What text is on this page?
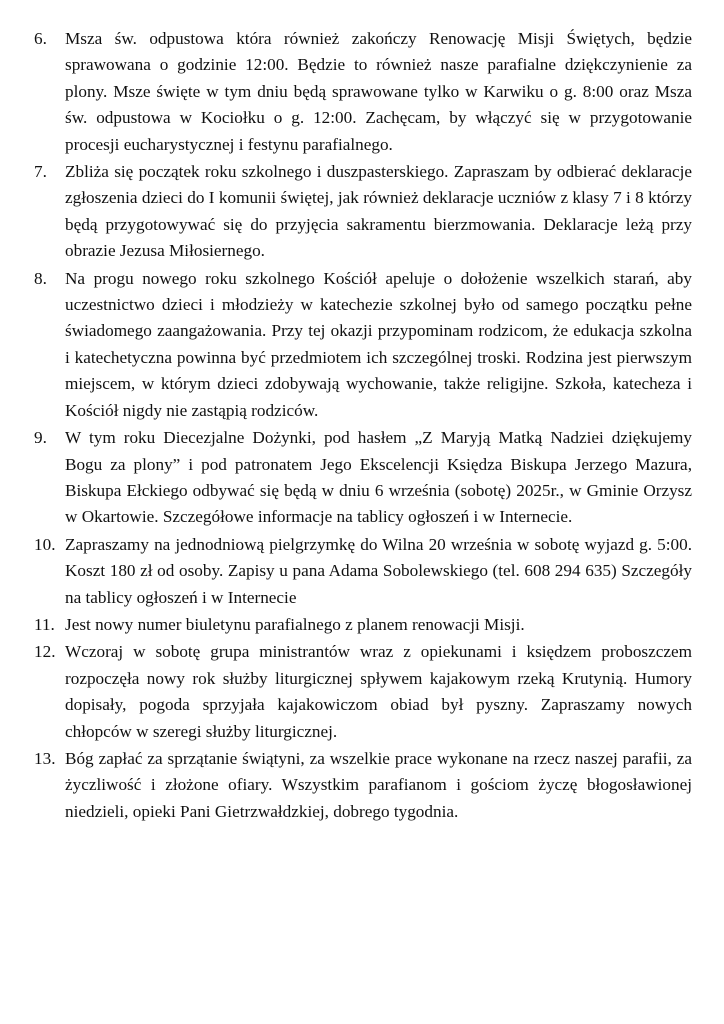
6.	Msza św. odpustowa która również zakończy Renowację Misji Świętych, będzie sprawowana o godzinie 12:00. Będzie to również nasze parafialne dziękczynienie za plony. Msze święte w tym dniu będą sprawowane tylko w Karwiku o g. 8:00 oraz Msza św. odpustowa w Kociołku o g. 12:00. Zachęcam, by włączyć się w przygotowanie procesji eucharystycznej i festynu parafialnego.
7.	Zbliża się początek roku szkolnego i duszpasterskiego. Zapraszam by odbierać deklaracje zgłoszenia dzieci do I komunii świętej, jak również deklaracje uczniów z klasy 7 i 8 którzy będą przygotowywać się do przyjęcia sakramentu bierzmowania. Deklaracje leżą przy obrazie Jezusa Miłosiernego.
8.	Na progu nowego roku szkolnego Kościół apeluje o dołożenie wszelkich starań, aby uczestnictwo dzieci i młodzieży w katechezie szkolnej było od samego początku pełne świadomego zaangażowania. Przy tej okazji przypominam rodzicom, że edukacja szkolna i katechetyczna powinna być przedmiotem ich szczególnej troski. Rodzina jest pierwszym miejscem, w którym dzieci zdobywają wychowanie, także religijne. Szkoła, katecheza i Kościół nigdy nie zastąpią rodziców.
9.	W tym roku Diecezjalne Dożynki, pod hasłem „Z Maryją Matką Nadziei dziękujemy Bogu za plony” i pod patronatem Jego Ekscelencji Księdza Biskupa Jerzego Mazura, Biskupa Ełckiego odbywać się będą w dniu 6 września (sobotę) 2025r., w Gminie Orzysz w Okartowie. Szczegółowe informacje na tablicy ogłoszeń i w Internecie.
10. Zapraszamy na jednodniową pielgrzymkę do Wilna 20 września w sobotę wyjazd g. 5:00. Koszt 180 zł od osoby. Zapisy u pana Adama Sobolewskiego (tel. 608 294 635) Szczegóły na tablicy ogłoszeń i w Internecie
11. Jest nowy numer biuletynu parafialnego z planem renowacji Misji.
12. Wczoraj w sobotę grupa ministrantów wraz z opiekunami i księdzem proboszczem rozpoczęła nowy rok służby liturgicznej spływem kajakowym rzeką Krutynią. Humory dopisały, pogoda sprzyjała kajakowiczom obiad był pyszny. Zapraszamy nowych chłopców w szeregi służby liturgicznej.
13. Bóg zapłać za sprzątanie świątyni, za wszelkie prace wykonane na rzecz naszej parafii, za życzliwość i złożone ofiary. Wszystkim parafianom i gościom życzę błogosławionej niedzieli, opieki Pani Gietrzwałdzkiej, dobrego tygodnia.
